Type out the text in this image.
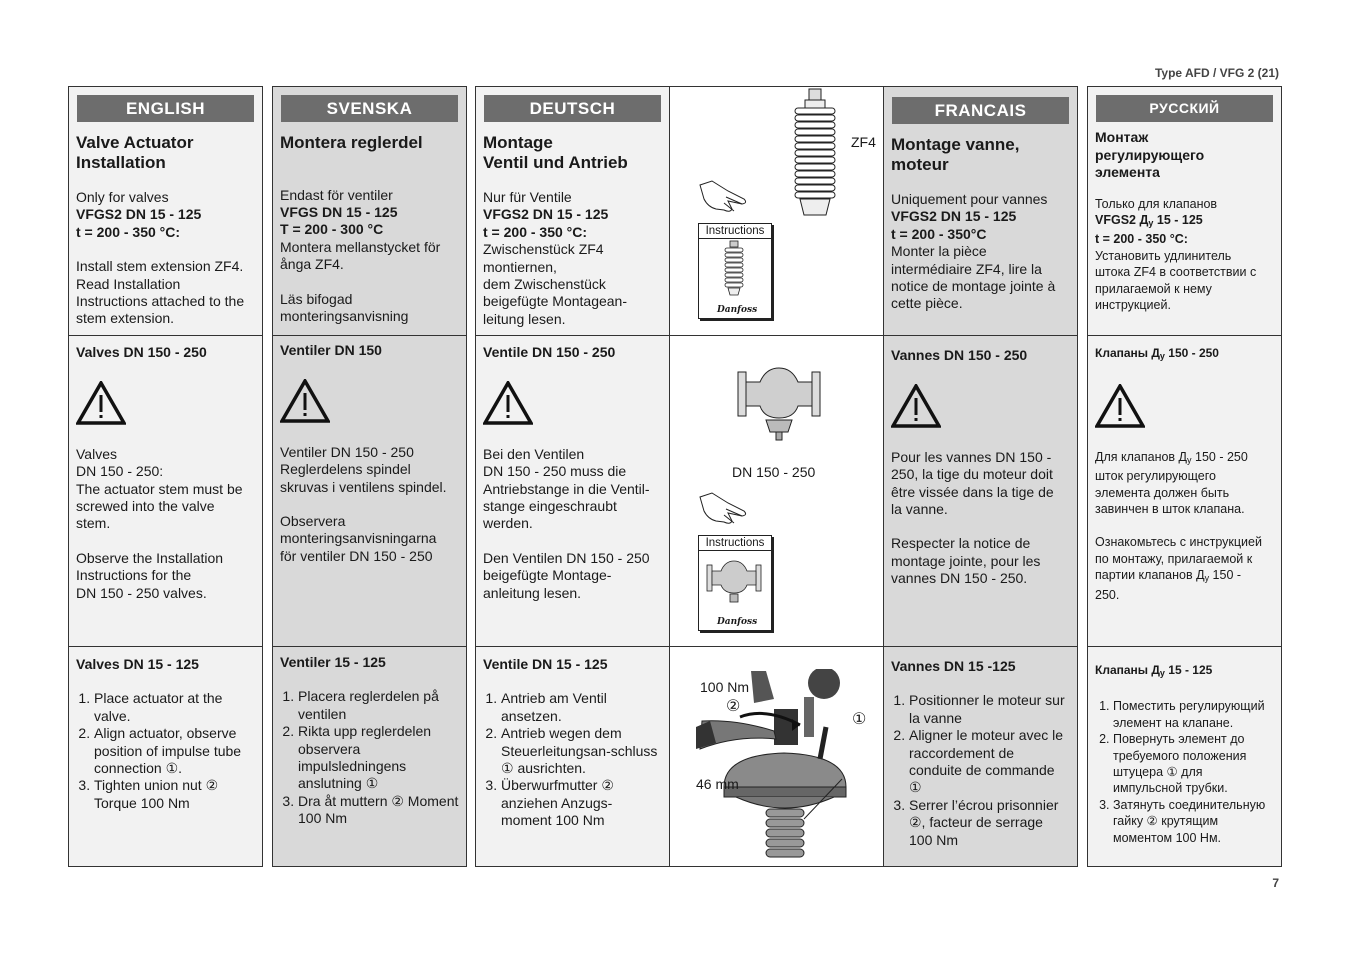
Type AFD / VFG 2 (21)
ENGLISH

Valve Actuator

Installation

Only for valves

VFGS2 DN 15 - 125

t = 200 - 350 °C:

Install stem extension ZF4.

Read Installation

Instructions attached to the

stem extension.

Valves DN 150 - 250

Valves

DN 150 - 250:

The actuator stem must be

screwed into the valve

stem.

Observe the Installation

Instructions for the

DN 150 - 250 valves.

Valves DN 15 - 125

1. Place actuator at the valve.
2. Align actuator, observe position of impulse tube connection ①.
3. Tighten union nut ② Torque 100 Nm
SVENSKA

Montera reglerdel

Endast för ventiler

VFGS DN 15 - 125

T = 200 - 300 °C

Montera mellanstycket för

ånga ZF4.

Läs bifogad

monteringsanvisning

Ventiler DN 150

Ventiler DN 150 - 250

Reglerdelens spindel

skruvas i ventilens spindel.

Observera

monteringsanvisningarna

för ventiler DN 150 - 250

Ventiler 15 - 125

1. Placera reglerdelen på ventilen
2. Rikta upp reglerdelen observera impulsledningens anslutning ①
3. Dra åt muttern ② Moment 100 Nm
DEUTSCH

Montage

Ventil und Antrieb

Nur für Ventile

VFGS2 DN 15 - 125

t = 200 - 350 °C:

Zwischenstück ZF4

montiernen,

dem Zwischenstück

beigefügte Montagean-

leitung lesen.

Ventile DN 150 - 250

Bei den Ventilen

DN 150 - 250 muss die

Antriebstange in die Ventil-

stange eingeschraubt

werden.

Den Ventilen DN 150 - 250

beigefügte Montage-

anleitung lesen.

Ventile DN 15 - 125

1. Antrieb am Ventil ansetzen.
2. Antrieb wegen dem Steuerleitungsan-schluss ① ausrichten.
3. Überwurfmutter ② anziehen Anzugs-moment 100 Nm
ZF4
Instructions
Danfoss
DN 150 - 250
Instructions
Danfoss
100 Nm
②
①
46 mm
FRANCAIS

Montage vanne,

moteur

Uniquement pour vannes

VFGS2 DN 15 - 125

t = 200 - 350°C

Monter la pièce

intermédiaire ZF4, lire la

notice de montage jointe à

cette pièce.

Vannes DN 150 - 250

Pour les vannes DN 150 -

250, la tige du moteur doit

être vissée dans la tige de

la vanne.

Respecter la notice de

montage jointe, pour les

vannes DN 150 - 250.

Vannes DN 15 -125

1. Positionner le moteur sur la vanne
2. Aligner le moteur avec le raccordement de conduite de commande ①
3. Serrer l’écrou prisonnier ②, facteur de serrage 100 Nm
РУССКИЙ

Монтаж

регулирующего

элемента

Только для клапанов

VFGS2 Ду 15 - 125

t = 200 - 350 °C:

Установить удлинитель

штока ZF4 в соответствии с

прилагаемой к нему

инструкцией.

Клапаны Ду 150 - 250

Для клапанов Ду 150 - 250

шток регулирующего

элемента должен быть

завинчен в шток клапана.

Ознакомьтесь с инструкцией

по монтажу, прилагаемой к

партии клапанов Ду 150 -

250.

Клапаны Ду 15 - 125

1. Поместить регулирующий элемент на клапане.
2. Повернуть элемент до требуемого положения штуцера ① для импульсной трубки.
3. Затянуть соединительную гайку ② крутящим моментом 100 Нм.
7
